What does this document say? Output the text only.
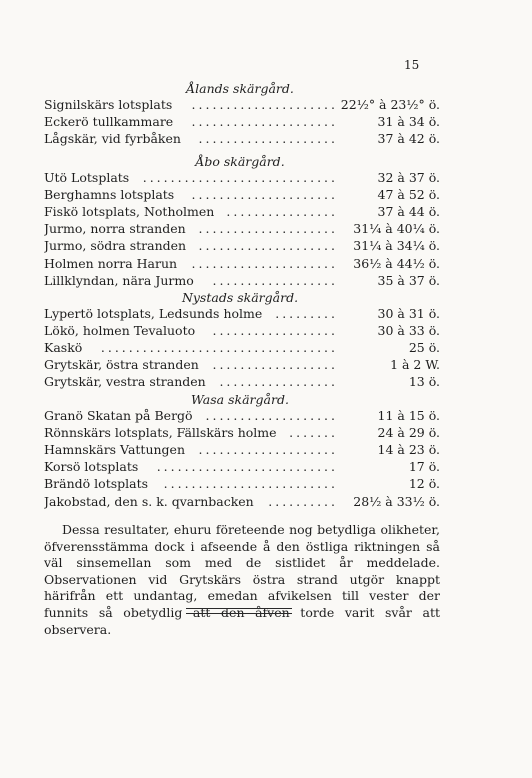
15
Ålands skärgård.
Signilskärs lotsplats ..................... 22½° à 23½° ö.
Eckerö tullkammare .....................	31 à 34 ö.
Lågskär, vid fyrbåken ....................	37 à 42 ö.
Åbo skärgård.
Utö Lotsplats ............................	32 à 37 ö.
Berghamns lotsplats .....................	47 à 52 ö.
Fiskö lotsplats, Notholmen ................	37 à 44 ö.
Jurmo, norra stranden ....................	31¼ à 40¼ ö.
Jurmo, södra stranden ....................	31¼ à 34¼ ö.
Holmen norra Harun .....................	36½ à 44½ ö.
Lillklyndan, nära Jurmo ..................	35 à 37 ö.
Nystads skärgård.
Lypertö lotsplats, Ledsunds holme .........	30 à 31 ö.
Lökö, holmen Tevaluoto ..................	30 à 33 ö.
Kaskö ..................................	25 ö.
Grytskär, östra stranden ..................	1 à 2 W.
Grytskär, vestra stranden .................	13 ö.
Wasa skärgård.
Granö Skatan på Bergö ...................	11 à 15 ö.
Rönnskärs lotsplats, Fällskärs holme .......	24 à 29 ö.
Hamnskärs Vattungen ....................	14 à 23 ö.
Korsö lotsplats ..........................	17 ö.
Brändö lotsplats .........................	12 ö.
Jakobstad, den s. k. qvarnbacken ..........	28½ à 33½ ö.

Dessa resultater, ehuru företeende nog betydliga olikheter, öfverensstämma dock i afseende å den östliga riktningen så väl sinsemellan som med de sistlidet år meddelade. Observationen vid Grytskärs östra strand utgör knappt härifrån ett undantag, emedan afvikelsen till vester der funnits så obetydlig att den åfven torde varit svår att observera.
